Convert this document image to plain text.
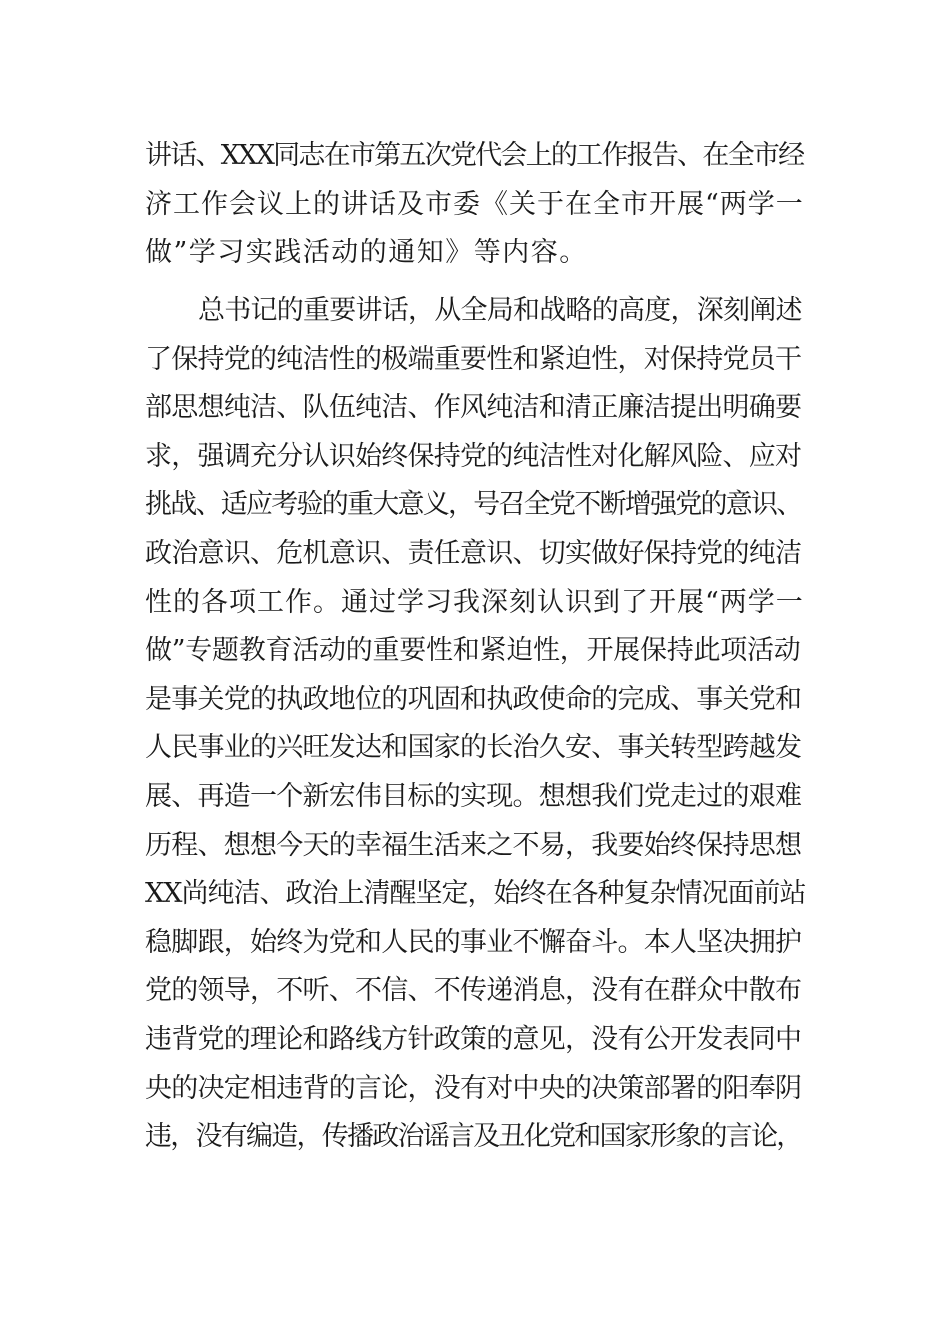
讲话、XXX同志在市第五次党代会上的工作报告、在全市经
济工作会议上的讲话及市委《关于在全市开展“两学一
做”学习实践活动的通知》等内容。
总书记的重要讲话，从全局和战略的高度，深刻阐述
了保持党的纯洁性的极端重要性和紧迫性，对保持党员干
部思想纯洁、队伍纯洁、作风纯洁和清正廉洁提出明确要
求，强调充分认识始终保持党的纯洁性对化解风险、应对
挑战、适应考验的重大意义，号召全党不断增强党的意识、
政治意识、危机意识、责任意识、切实做好保持党的纯洁
性的各项工作。通过学习我深刻认识到了开展“两学一
做”专题教育活动的重要性和紧迫性，开展保持此项活动
是事关党的执政地位的巩固和执政使命的完成、事关党和
人民事业的兴旺发达和国家的长治久安、事关转型跨越发
展、再造一个新宏伟目标的实现。想想我们党走过的艰难
历程、想想今天的幸福生活来之不易，我要始终保持思想
XX尚纯洁、政治上清醒坚定，始终在各种复杂情况面前站
稳脚跟，始终为党和人民的事业不懈奋斗。本人坚决拥护
党的领导，不听、不信、不传递消息，没有在群众中散布
违背党的理论和路线方针政策的意见，没有公开发表同中
央的决定相违背的言论，没有对中央的决策部署的阳奉阴
违，没有编造，传播政治谣言及丑化党和国家形象的言论，
